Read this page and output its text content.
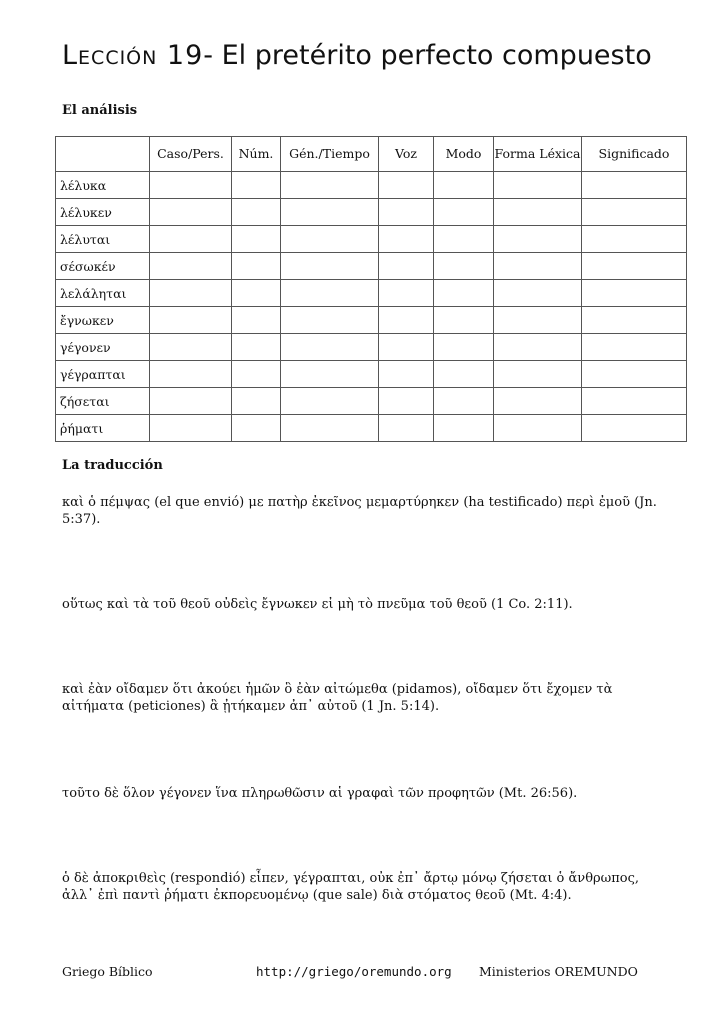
Lección 19- El pretérito perfecto compuesto
El análisis
	Caso/Pers.	Núm.	Gén./Tiempo	Voz	Modo	Forma Léxica	Significado
λέλυκα							
λέλυκεν							
λέλυται							
σέσωκέν							
λελάληται							
ἔγνωκεν							
γέγονεν							
γέγραπται							
ζήσεται							
ῥήματι							
La traducción

καὶ ὁ πέμψας (el que envió) με πατὴρ ἐκεῖνος μεμαρτύρηκεν (ha testificado) περὶ ἐμοῦ (Jn. 5:37).

οὕτως καὶ τὰ τοῦ θεοῦ οὐδεὶς ἔγνωκεν εἰ μὴ τὸ πνεῦμα τοῦ θεοῦ (1 Co. 2:11).

καὶ ἐὰν οἴδαμεν ὅτι ἀκούει ἡμῶν ὃ ἐὰν αἰτώμεθα (pidamos), οἴδαμεν ὅτι ἔχομεν τὰ αἰτήματα (peticiones) ἃ ᾐτήκαμεν ἀπ᾽ αὐτοῦ (1 Jn. 5:14).

τοῦτο δὲ ὅλον γέγονεν ἵνα πληρωθῶσιν αἱ γραφαὶ τῶν προφητῶν (Mt. 26:56).

ὁ δὲ ἀποκριθεὶς (respondió) εἶπεν, γέγραπται, οὐκ ἐπ᾽ ἄρτῳ μόνῳ ζήσεται ὁ ἄνθρωπος, ἀλλ᾽ ἐπὶ παντὶ ῥήματι ἐκπορευομένῳ (que sale) διὰ στόματος θεοῦ (Mt. 4:4).

Griego Bíblico	http://griego/oremundo.org Ministerios OREMUNDO
